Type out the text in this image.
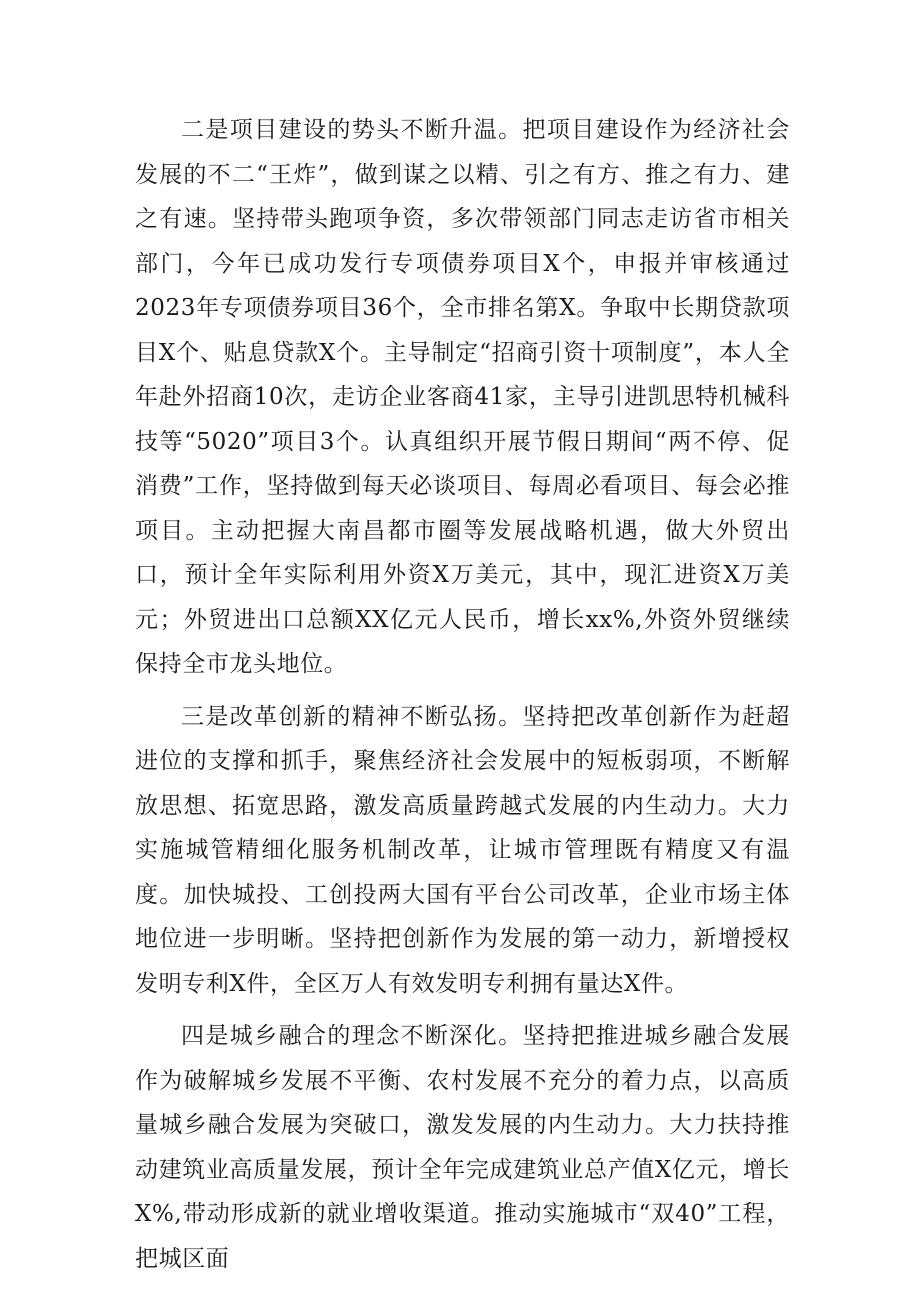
二是项目建设的势头不断升温。把项目建设作为经济社会发展的不二“王炸”，做到谋之以精、引之有方、推之有力、建之有速。坚持带头跑项争资，多次带领部门同志走访省市相关部门，今年已成功发行专项债券项目X个，申报并审核通过2023年专项债券项目36个，全市排名第X。争取中长期贷款项目X个、贴息贷款X个。主导制定“招商引资十项制度”，本人全年赴外招商10次，走访企业客商41家，主导引进凯思特机械科技等“5020”项目3个。认真组织开展节假日期间“两不停、促消费”工作，坚持做到每天必谈项目、每周必看项目、每会必推项目。主动把握大南昌都市圈等发展战略机遇，做大外贸出口，预计全年实际利用外资X万美元，其中，现汇进资X万美元；外贸进出口总额XX亿元人民币，增长xx%,外资外贸继续保持全市龙头地位。

三是改革创新的精神不断弘扬。坚持把改革创新作为赶超进位的支撑和抓手，聚焦经济社会发展中的短板弱项，不断解放思想、拓宽思路，激发高质量跨越式发展的内生动力。大力实施城管精细化服务机制改革，让城市管理既有精度又有温度。加快城投、工创投两大国有平台公司改革，企业市场主体地位进一步明晰。坚持把创新作为发展的第一动力，新增授权发明专利X件，全区万人有效发明专利拥有量达X件。

四是城乡融合的理念不断深化。坚持把推进城乡融合发展作为破解城乡发展不平衡、农村发展不充分的着力点，以高质量城乡融合发展为突破口，激发发展的内生动力。大力扶持推动建筑业高质量发展，预计全年完成建筑业总产值X亿元，增长X%,带动形成新的就业增收渠道。推动实施城市“双40”工程，把城区面
